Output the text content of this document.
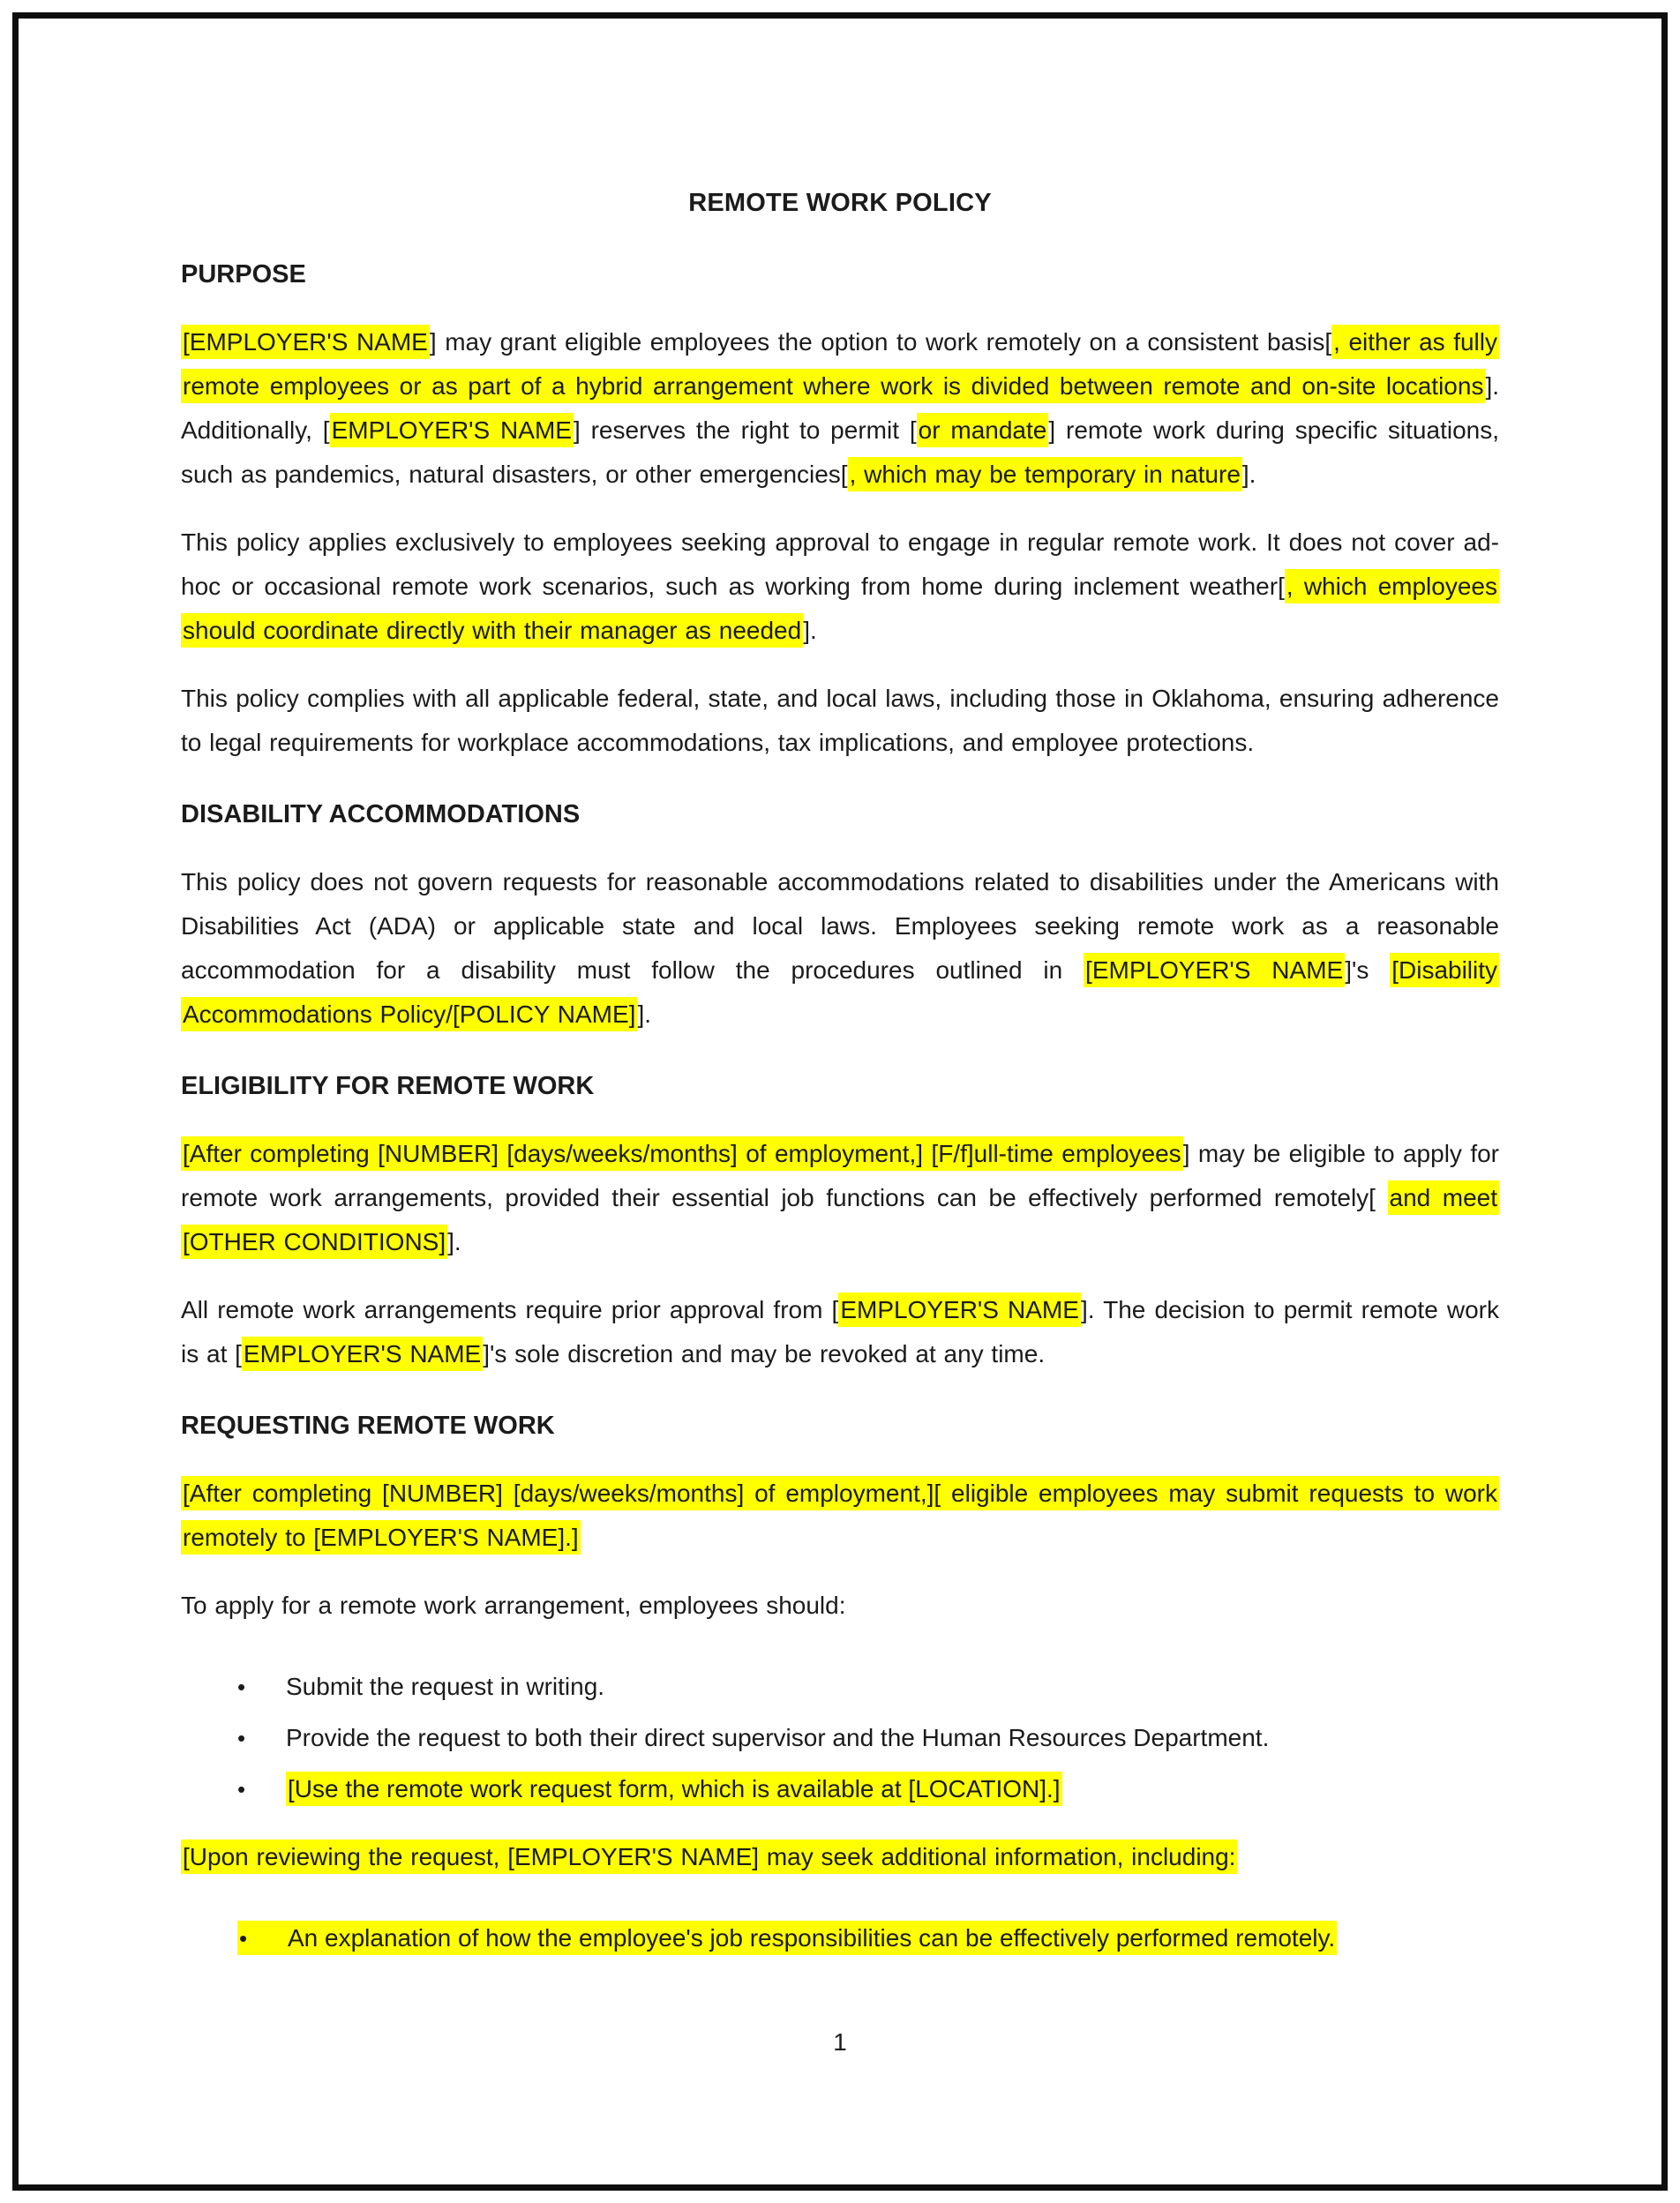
REMOTE WORK POLICY
PURPOSE
[EMPLOYER'S NAME] may grant eligible employees the option to work remotely on a consistent basis[, either as fully remote employees or as part of a hybrid arrangement where work is divided between remote and on-site locations]. Additionally, [EMPLOYER'S NAME] reserves the right to permit [or mandate] remote work during specific situations, such as pandemics, natural disasters, or other emergencies[, which may be temporary in nature].
This policy applies exclusively to employees seeking approval to engage in regular remote work. It does not cover ad-hoc or occasional remote work scenarios, such as working from home during inclement weather[, which employees should coordinate directly with their manager as needed].
This policy complies with all applicable federal, state, and local laws, including those in Oklahoma, ensuring adherence to legal requirements for workplace accommodations, tax implications, and employee protections.
DISABILITY ACCOMMODATIONS
This policy does not govern requests for reasonable accommodations related to disabilities under the Americans with Disabilities Act (ADA) or applicable state and local laws. Employees seeking remote work as a reasonable accommodation for a disability must follow the procedures outlined in [EMPLOYER'S NAME]'s [Disability Accommodations Policy/[POLICY NAME]].
ELIGIBILITY FOR REMOTE WORK
[After completing [NUMBER] [days/weeks/months] of employment,] [F/f]ull-time employees] may be eligible to apply for remote work arrangements, provided their essential job functions can be effectively performed remotely[ and meet [OTHER CONDITIONS]].
All remote work arrangements require prior approval from [EMPLOYER'S NAME]. The decision to permit remote work is at [EMPLOYER'S NAME]'s sole discretion and may be revoked at any time.
REQUESTING REMOTE WORK
[After completing [NUMBER] [days/weeks/months] of employment,][ eligible employees may submit requests to work remotely to [EMPLOYER'S NAME].]
To apply for a remote work arrangement, employees should:
• Submit the request in writing.
• Provide the request to both their direct supervisor and the Human Resources Department.
• [Use the remote work request form, which is available at [LOCATION].]
[Upon reviewing the request, [EMPLOYER'S NAME] may seek additional information, including:
• An explanation of how the employee's job responsibilities can be effectively performed remotely.
1
